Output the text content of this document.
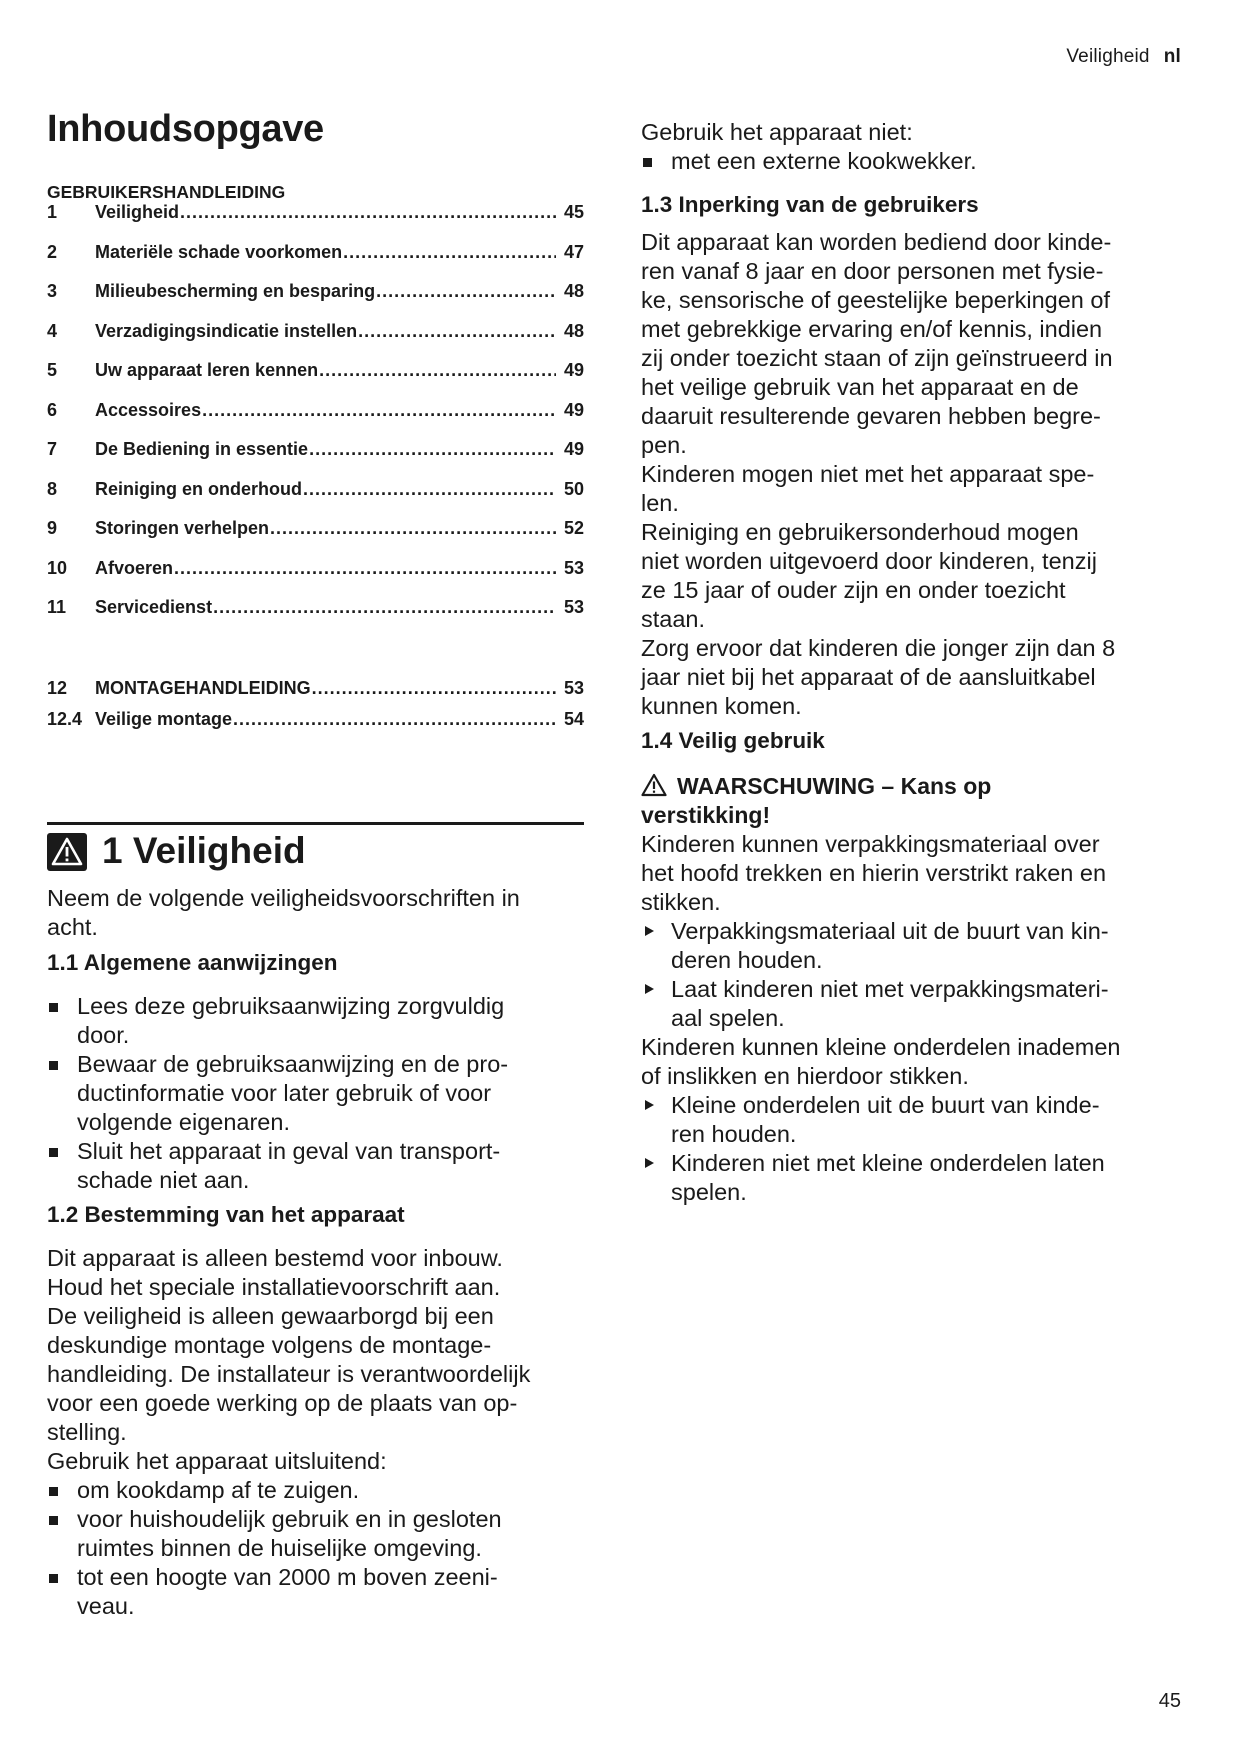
Veiligheid nl
Inhoudsopgave
GEBRUIKERSHANDLEIDING
1	Veiligheid .....	45
2	Materiële schade voorkomen .....	47
3	Milieubescherming en besparing .....	48
4	Verzadigingsindicatie instellen .....	48
5	Uw apparaat leren kennen .....	49
6	Accessoires .....	49
7	De Bediening in essentie .....	49
8	Reiniging en onderhoud .....	50
9	Storingen verhelpen .....	52
10	Afvoeren .....	53
11	Servicedienst .....	53
12	MONTAGEHANDLEIDING .....	53
12.4 Veilige montage .....	54
1 Veiligheid

Neem de volgende veiligheidsvoorschriften in
acht.

1.1 Algemene aanwijzingen

Lees deze gebruiksaanwijzing zorgvuldig
door.
Bewaar de gebruiksaanwijzing en de pro-
ductinformatie voor later gebruik of voor
volgende eigenaren.
Sluit het apparaat in geval van transport-
schade niet aan.

1.2 Bestemming van het apparaat

Dit apparaat is alleen bestemd voor inbouw.
Houd het speciale installatievoorschrift aan.
De veiligheid is alleen gewaarborgd bij een
deskundige montage volgens de montage-
handleiding. De installateur is verantwoordelijk
voor een goede werking op de plaats van op-
stelling.
Gebruik het apparaat uitsluitend:

om kookdamp af te zuigen.
voor huishoudelijk gebruik en in gesloten
ruimtes binnen de huiselijke omgeving.
tot een hoogte van 2000 m boven zeeni-
veau.

Gebruik het apparaat niet:

met een externe kookwekker.

1.3 Inperking van de gebruikers

Dit apparaat kan worden bediend door kinde-
ren vanaf 8 jaar en door personen met fysie-
ke, sensorische of geestelijke beperkingen of
met gebrekkige ervaring en/of kennis, indien
zij onder toezicht staan of zijn geïnstrueerd in
het veilige gebruik van het apparaat en de
daaruit resulterende gevaren hebben begre-
pen.
Kinderen mogen niet met het apparaat spe-
len.
Reiniging en gebruikersonderhoud mogen
niet worden uitgevoerd door kinderen, tenzij
ze 15 jaar of ouder zijn en onder toezicht
staan.
Zorg ervoor dat kinderen die jonger zijn dan 8
jaar niet bij het apparaat of de aansluitkabel
kunnen komen.

1.4 Veilig gebruik

WAARSCHUWING – Kans op
verstikking!

Kinderen kunnen verpakkingsmateriaal over
het hoofd trekken en hierin verstrikt raken en
stikken.

Verpakkingsmateriaal uit de buurt van kin-
deren houden.
Laat kinderen niet met verpakkingsmateri-
aal spelen.

Kinderen kunnen kleine onderdelen inademen
of inslikken en hierdoor stikken.

Kleine onderdelen uit de buurt van kinde-
ren houden.
Kinderen niet met kleine onderdelen laten
spelen.
45
